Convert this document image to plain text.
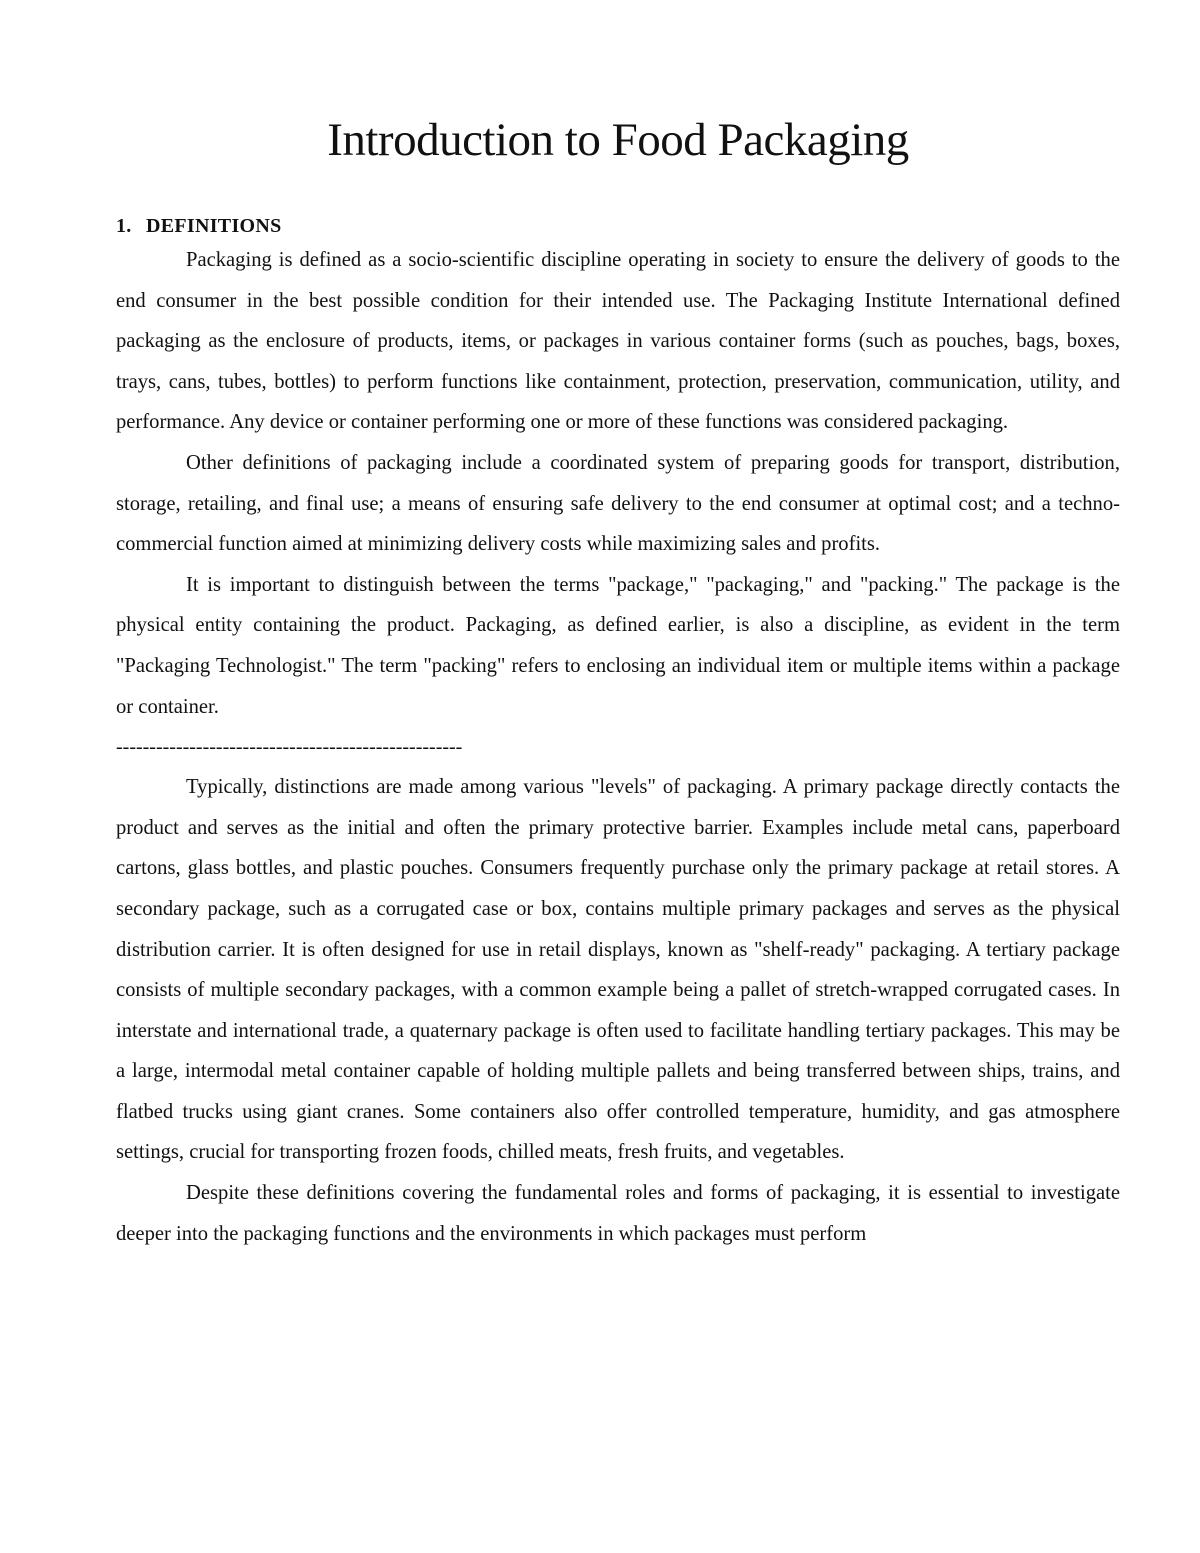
Introduction to Food Packaging
1. DEFINITIONS

Packaging is defined as a socio-scientific discipline operating in society to ensure the delivery of goods to the end consumer in the best possible condition for their intended use. The Packaging Institute International defined packaging as the enclosure of products, items, or packages in various container forms (such as pouches, bags, boxes, trays, cans, tubes, bottles) to perform functions like containment, protection, preservation, communication, utility, and performance. Any device or container performing one or more of these functions was considered packaging.

Other definitions of packaging include a coordinated system of preparing goods for transport, distribution, storage, retailing, and final use; a means of ensuring safe delivery to the end consumer at optimal cost; and a techno-commercial function aimed at minimizing delivery costs while maximizing sales and profits.

It is important to distinguish between the terms "package," "packaging," and "packing." The package is the physical entity containing the product. Packaging, as defined earlier, is also a discipline, as evident in the term "Packaging Technologist." The term "packing" refers to enclosing an individual item or multiple items within a package or container.

----------------------------------------------------

Typically, distinctions are made among various "levels" of packaging. A primary package directly contacts the product and serves as the initial and often the primary protective barrier. Examples include metal cans, paperboard cartons, glass bottles, and plastic pouches. Consumers frequently purchase only the primary package at retail stores. A secondary package, such as a corrugated case or box, contains multiple primary packages and serves as the physical distribution carrier. It is often designed for use in retail displays, known as "shelf-ready" packaging. A tertiary package consists of multiple secondary packages, with a common example being a pallet of stretch-wrapped corrugated cases. In interstate and international trade, a quaternary package is often used to facilitate handling tertiary packages. This may be a large, intermodal metal container capable of holding multiple pallets and being transferred between ships, trains, and flatbed trucks using giant cranes. Some containers also offer controlled temperature, humidity, and gas atmosphere settings, crucial for transporting frozen foods, chilled meats, fresh fruits, and vegetables.

Despite these definitions covering the fundamental roles and forms of packaging, it is essential to investigate deeper into the packaging functions and the environments in which packages must perform
